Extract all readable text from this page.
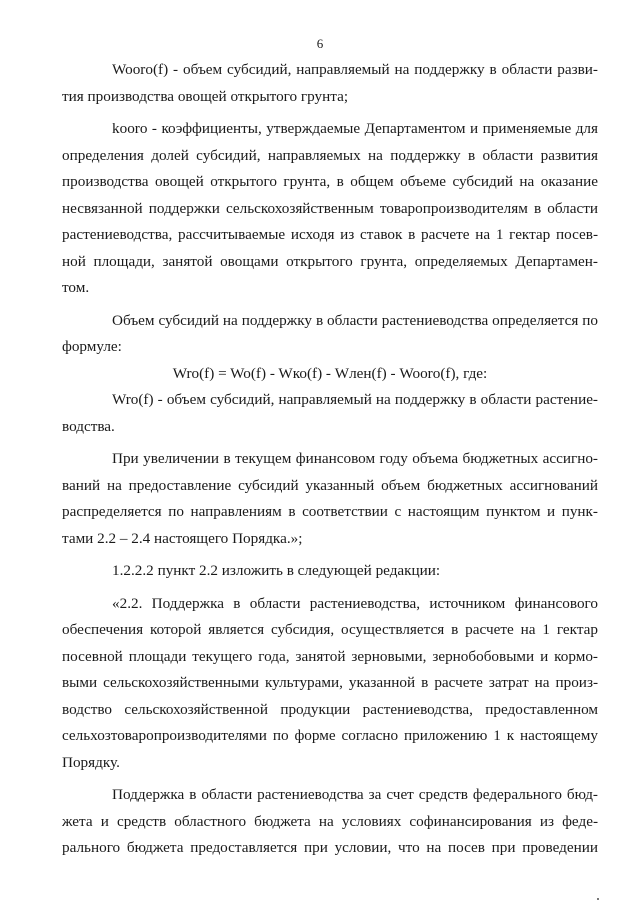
6
Wooro(f) - объем субсидий, направляемый на поддержку в области разви-
тия производства овощей открытого грунта;
kooro - коэффициенты, утверждаемые Департаментом и применяемые для
определения долей субсидий, направляемых на поддержку в области развития
производства овощей открытого грунта, в общем объеме субсидий на оказание
несвязанной поддержки сельскохозяйственным товаропроизводителям в области
растениеводства, рассчитываемые исходя из ставок в расчете на 1 гектар посев-
ной площади, занятой овощами открытого грунта, определяемых Департамен-
том.
Объем субсидий на поддержку в области растениеводства определяется по
формуле:
Wro(f) = Wo(f) - Wко(f) - Wлен(f) - Wooro(f), где:
Wro(f) - объем субсидий, направляемый на поддержку в области растение-
водства.
При увеличении в текущем финансовом году объема бюджетных ассигно-
ваний на предоставление субсидий указанный объем бюджетных ассигнований
распределяется по направлениям в соответствии с настоящим пунктом и пунк-
тами 2.2 – 2.4 настоящего Порядка.»;
1.2.2.2 пункт 2.2 изложить в следующей редакции:
«2.2. Поддержка в области растениеводства, источником финансового
обеспечения которой является субсидия, осуществляется в расчете на 1 гектар
посевной площади текущего года, занятой зерновыми, зернобобовыми и кормо-
выми сельскохозяйственными культурами, указанной в расчете затрат на произ-
водство сельскохозяйственной продукции растениеводства, предоставленном
сельхозтоваропроизводителями по форме согласно приложению 1 к настоящему
Порядку.
Поддержка в области растениеводства за счет средств федерального бюд-
жета и средств областного бюджета на условиях софинансирования из феде-
рального бюджета предоставляется при условии, что на посев при проведении
